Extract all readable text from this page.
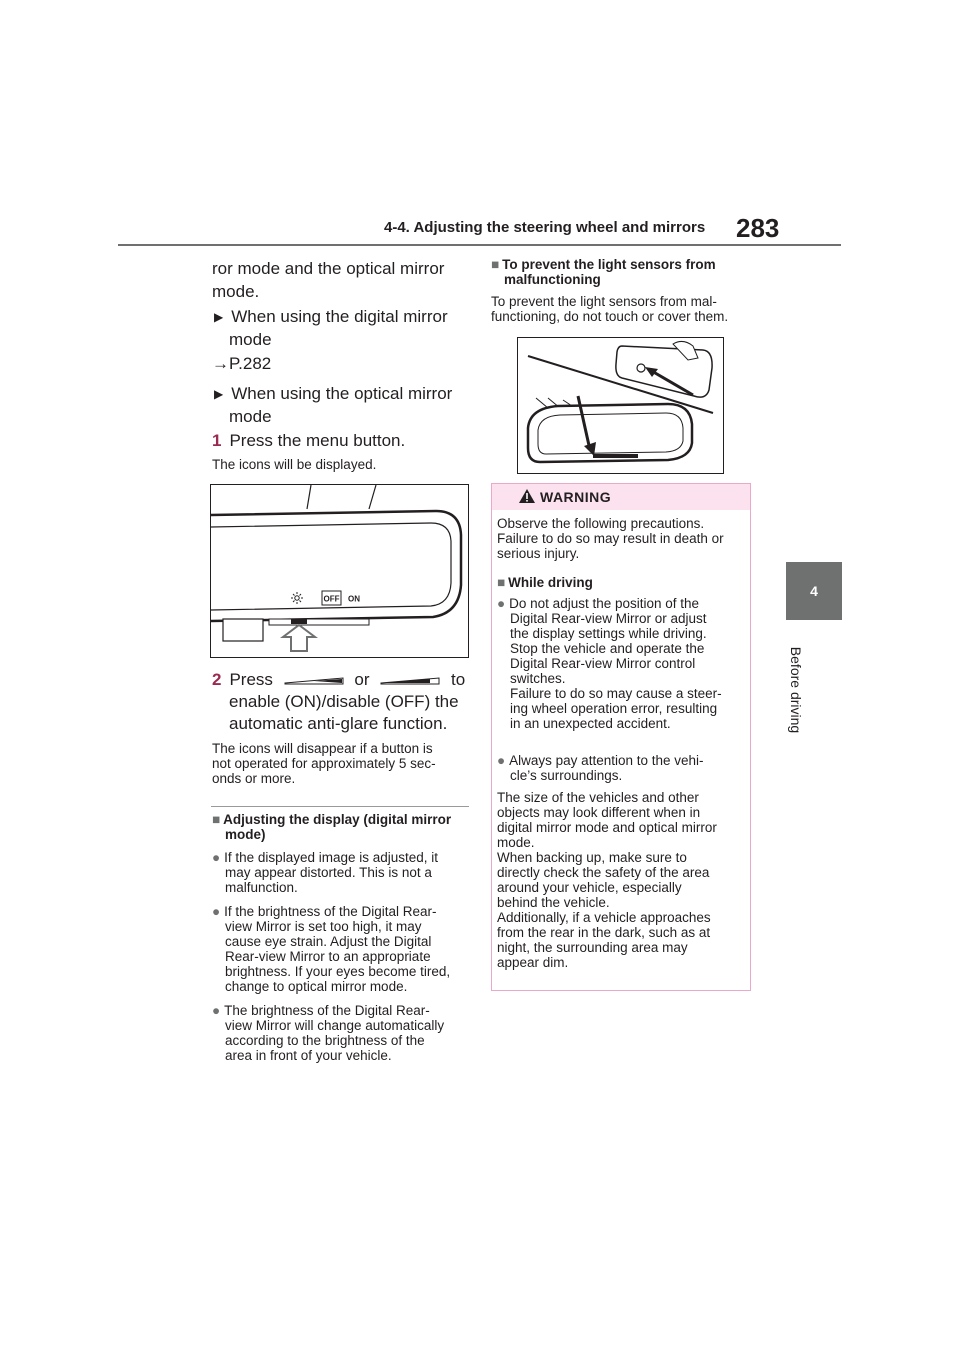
4-4. Adjusting the steering wheel and mirrors 283
4
Before driving
ror mode and the optical mirror
mode.
▶ When using the digital mirror
mode
→P.282
▶ When using the optical mirror
mode
1 Press the menu button.
The icons will be displayed.
OFF ON
2 Press	or	to
enable (ON)/disable (OFF) the
automatic anti-glare function.
The icons will disappear if a button is
not operated for approximately 5 sec-
onds or more.
■ Adjusting the display (digital mirror
mode)
● If the displayed image is adjusted, it
may appear distorted. This is not a
malfunction.
● If the brightness of the Digital Rear-
view Mirror is set too high, it may
cause eye strain. Adjust the Digital
Rear-view Mirror to an appropriate
brightness. If your eyes become tired,
change to optical mirror mode.
● The brightness of the Digital Rear-
view Mirror will change automatically
according to the brightness of the
area in front of your vehicle.
■ To prevent the light sensors from
malfunctioning
To prevent the light sensors from mal-
functioning, do not touch or cover them.
WARNING
Observe the following precautions.
Failure to do so may result in death or
serious injury.
■ While driving
● Do not adjust the position of the
Digital Rear-view Mirror or adjust
the display settings while driving.
Stop the vehicle and operate the
Digital Rear-view Mirror control
switches.
Failure to do so may cause a steer-
ing wheel operation error, resulting
in an unexpected accident.
● Always pay attention to the vehi-
cle’s surroundings.
The size of the vehicles and other
objects may look different when in
digital mirror mode and optical mirror
mode.
When backing up, make sure to
directly check the safety of the area
around your vehicle, especially
behind the vehicle.
Additionally, if a vehicle approaches
from the rear in the dark, such as at
night, the surrounding area may
appear dim.
